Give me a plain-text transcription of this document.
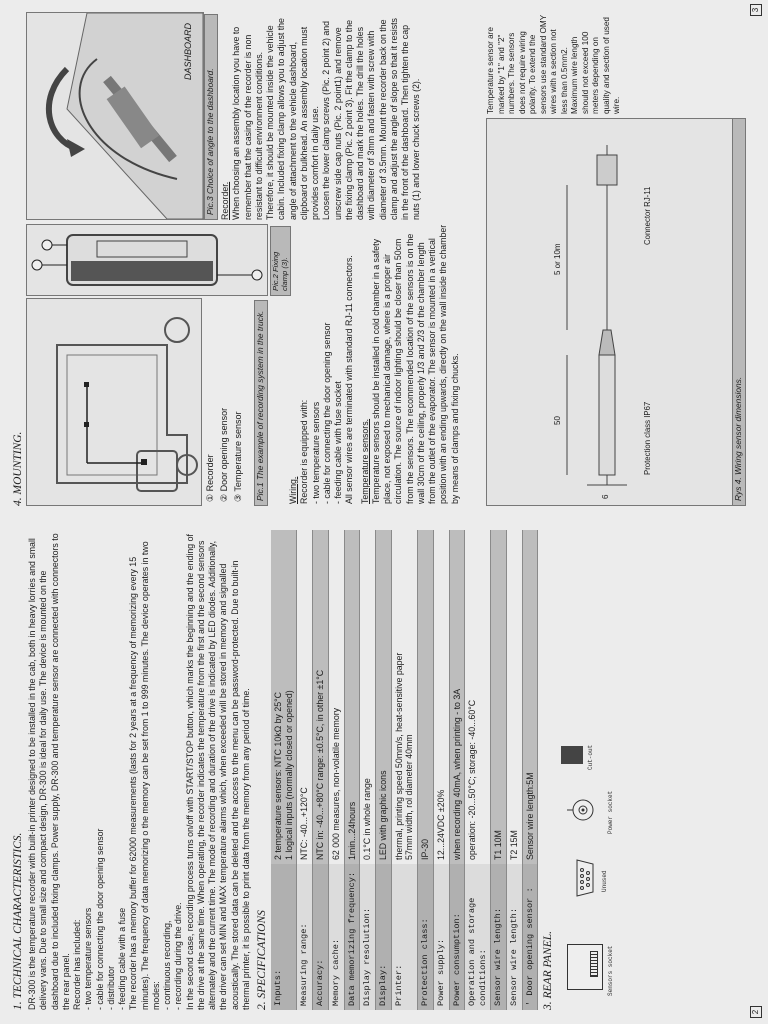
2
3
1. TECHNICAL CHARACTERISTICS. DR-300 is the temperature recorder with built-in printer designed to be installed in the cab, both in heavy lorries and small delivery vans. Due to small size and compact design, DR-300 is ideal for daily use. The device is mounted on the dashboard due to included fixing clamps. Power supply, DR-300 and temperature sensor are connected with connectors to the rear panel. Recorder has included: - two temperature sensors - cable for connecting the door opening sensor - distributor - feeding cable with a fuse The recorder has a memory buffer for 62000 measurements (lasts for 2 years at a frequency of memorizing every 15 minutes). The frequency of data memorizing o the memory can be set from 1 to 999 minutes. The device operates in two modes: - continuous recording, - recording during the drive. In the second case, recording process turns on/off with START/STOP button, which marks the beginning and the ending of the drive at the same time. When operating, the recorder indicates the temperature from the first and the second sensors alternately and the current time. The mode of recording and duration of the drive is indicated by LED diodes. Additionally, the driver can set MIN and MAX temperature alarms which, when exceeded will be stored in memory and signalled acoustically. The stored data can be deleted and the access to the menu can be password-protected. Due to built-in thermal printer, it is possible to print data from the memory from any period of time. 2. SPECIFICATIONS Inputs:	2 temperature sensors: NTC 10kΩ by 25°C
1 logical inputs (normally closed or opened)
Measuring range:	NTC: -40...+120°C
Accuracy:	NTC in: -40...+80°C range: ±0.5°C, in other ±1°C
Memory cache:	62 000 measures, non-volatile memory
Data memorizing frequency:	1min...24hours
Display resolution:	0.1°C in whole range
Display:	LED with graphic icons
Printer:	thermal, printing speed 50mm/s, heat-sensitive paper
57mm width, rol diameter 40mm
Protection class:	IP-30
Power supply:	12...24VDC ±20%
Power consumption:	when recording 40mA, when printing - to 3A
Operation and storage conditions:	operation: -20...50°C; storage: -40...60°C
Sensor wire length:	T1 10M
Sensor wire length:	T2 15M
' Door opening sensor :	Sensor wire length:5M
3. REAR PANEL.	Sensors socket
Unused
Power socket
Cut-out
4. MOUNTING.	① Recorder
② Door opening sensor
③ Temperature sensor	Pic.1 The example of recording system in the truck.
Pic.2 Fixing clamp (3).
Wiring. Recorder is equipped with: - two temperature sensors - cable for connecting the door opening sensor - feeding cable with fuse socket All sensor wires are terminated with standard RJ-11 connectors. Temperature sensors. Temperature sensors should be installed in cold chamber in a safety place, not exposed to mechanical damage, where is a proper air circulation. The source of indoor lighting should be closer than 50cm from the sensors. The recommended location of the sensors is on the wall 30cm of the ceiling, properly 1/3 and 2/3 of the chamber length from the outlet of the evaporator. The sensor is mounted in a vertical position with an ending upwards, directly on the wall inside the chamber by means of clamps and fixing chucks.
DASHBOARD
Pic.3 Choice of angle to the dashboard. Recorder. When choosing an assembly location you have to remember that the casing of the recorder is non resistant to difficult environment conditions. Therefore, it should be mounted inside the vehicle cabin. Included fixing clamp allows you to adjust the angle of attachment to the vehicle dashboard, clipboard or bulkhead. An assembly location must provides comfort in daily use.
Loosen the lower clamp screws (Pic. 2 point 2) and unscrew side cap nuts (Pic. 2 point1) and remove the fixing clamp (Pic. 2 point 3). Fit the clamp to the dashboard and mark the holes. The drill the holes with diameter of 3mm and fasten with screw with diameter of 3.5mm. Mount the recorder back on the clamp and adjust the angle of slope so that it resists in the front of the dashboard. Then tighten the cap nuts (1) and lower chuck screws (2).
6
50
5 or 10m
Protection class IP67
Connector RJ-11
Rys 4. Wiring sensor dimensions.
Temperature sensor are marked by "1" and "2" numbers. The sensors does not require wiring polarity. To extend the sensors use standard OMY wires with a section not less than 0.5mm2. Maximum wire length should not exceed 100 meters depending on quality and section of used wire.
